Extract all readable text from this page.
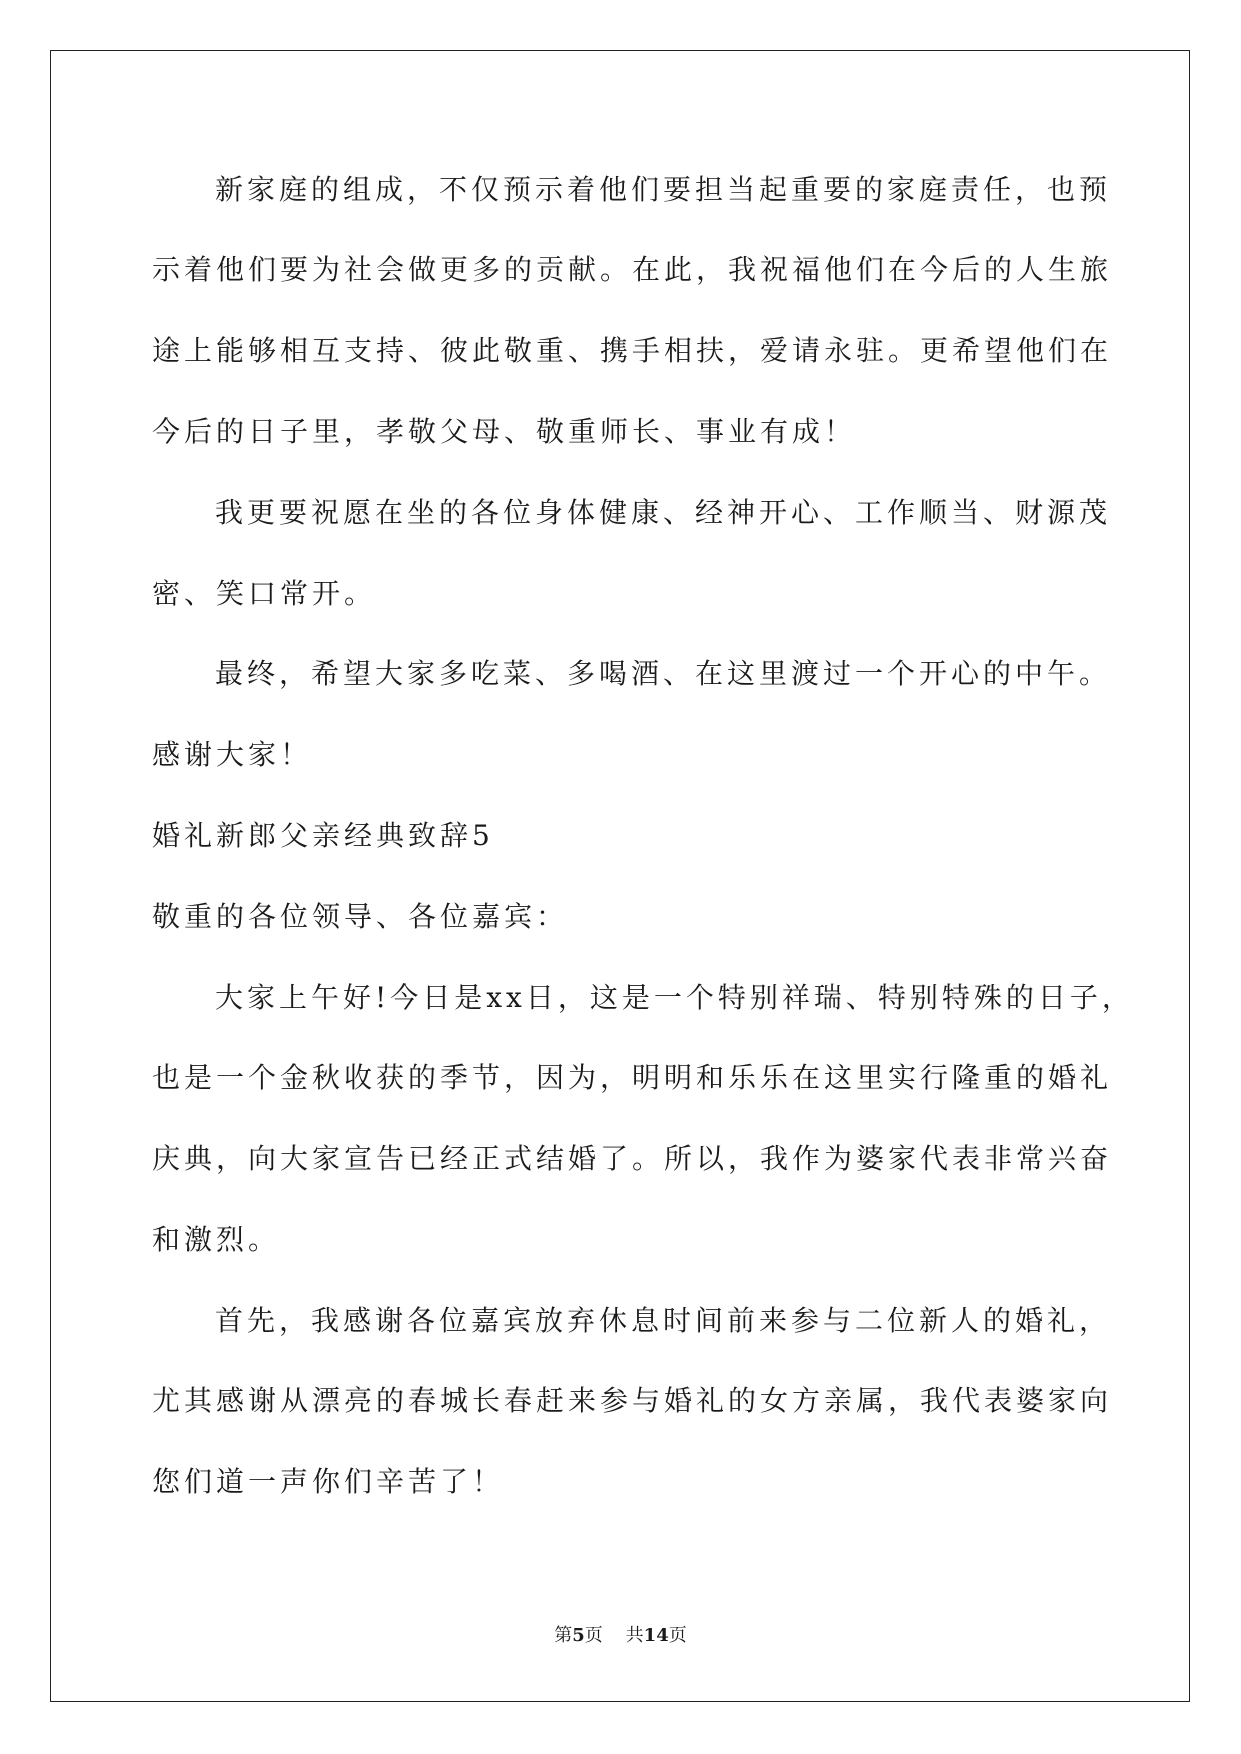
新家庭的组成，不仅预示着他们要担当起重要的家庭责任，也预
示着他们要为社会做更多的贡献。在此，我祝福他们在今后的人生旅
途上能够相互支持、彼此敬重、携手相扶，爱请永驻。更希望他们在
今后的日子里，孝敬父母、敬重师长、事业有成！
我更要祝愿在坐的各位身体健康、经神开心、工作顺当、财源茂
密、笑口常开。
最终，希望大家多吃菜、多喝酒、在这里渡过一个开心的中午。
感谢大家！
婚礼新郎父亲经典致辞5
敬重的各位领导、各位嘉宾：
大家上午好!今日是xx日，这是一个特别祥瑞、特别特殊的日子，
也是一个金秋收获的季节，因为，明明和乐乐在这里实行隆重的婚礼
庆典，向大家宣告已经正式结婚了。所以，我作为婆家代表非常兴奋
和激烈。
首先，我感谢各位嘉宾放弃休息时间前来参与二位新人的婚礼，
尤其感谢从漂亮的春城长春赶来参与婚礼的女方亲属，我代表婆家向
您们道一声你们辛苦了！
第5页    共14页
